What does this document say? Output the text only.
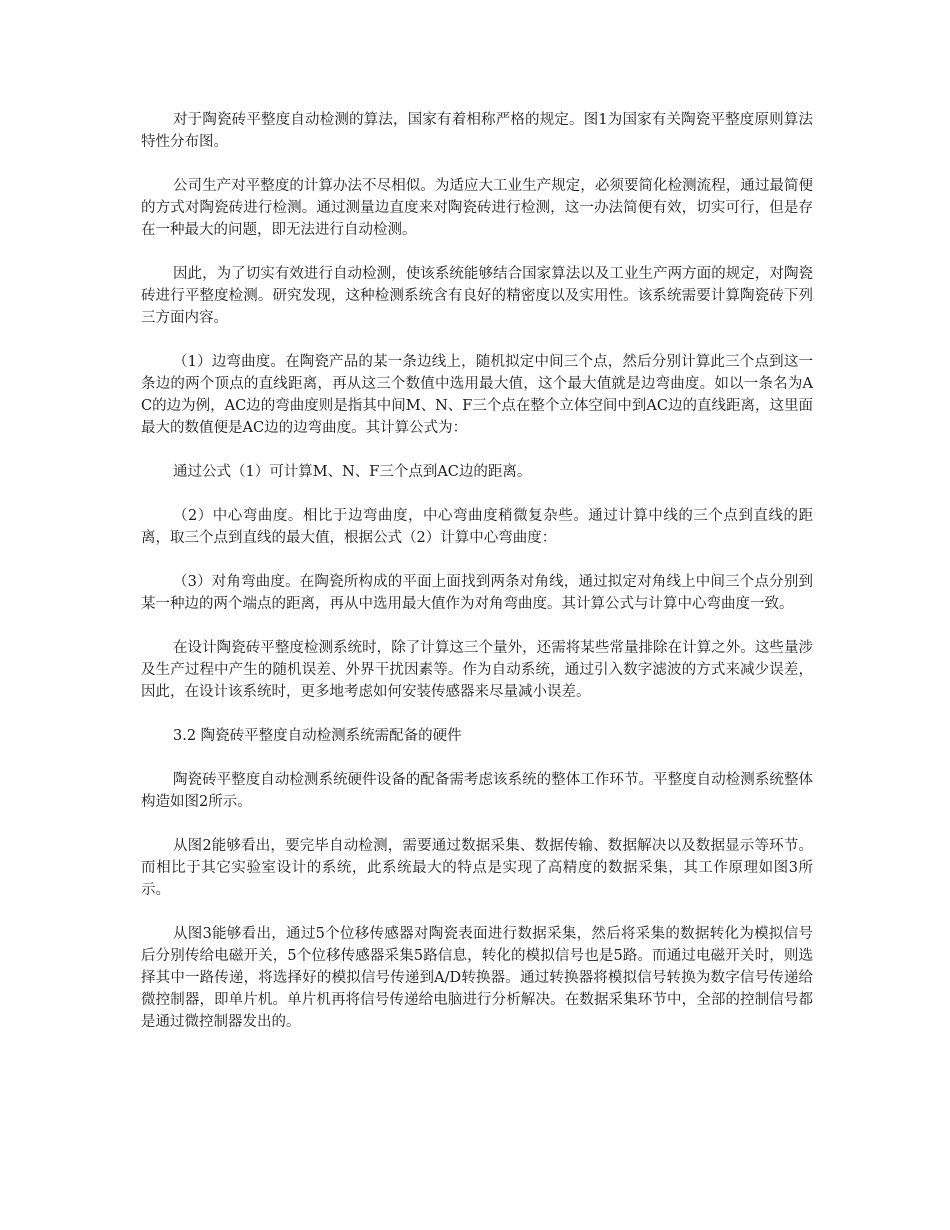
对于陶瓷砖平整度自动检测的算法，国家有着相称严格的规定。图1为国家有关陶瓷平整度原则算法特性分布图。

公司生产对平整度的计算办法不尽相似。为适应大工业生产规定，必须要简化检测流程，通过最简便的方式对陶瓷砖进行检测。通过测量边直度来对陶瓷砖进行检测，这一办法简便有效，切实可行，但是存在一种最大的问题，即无法进行自动检测。

因此，为了切实有效进行自动检测，使该系统能够结合国家算法以及工业生产两方面的规定，对陶瓷砖进行平整度检测。研究发现，这种检测系统含有良好的精密度以及实用性。该系统需要计算陶瓷砖下列三方面内容。

（1）边弯曲度。在陶瓷产品的某一条边线上，随机拟定中间三个点，然后分别计算此三个点到这一条边的两个顶点的直线距离，再从这三个数值中选用最大值，这个最大值就是边弯曲度。如以一条名为AC的边为例，AC边的弯曲度则是指其中间M、N、F三个点在整个立体空间中到AC边的直线距离，这里面最大的数值便是AC边的边弯曲度。其计算公式为：

通过公式（1）可计算M、N、F三个点到AC边的距离。

（2）中心弯曲度。相比于边弯曲度，中心弯曲度稍微复杂些。通过计算中线的三个点到直线的距离，取三个点到直线的最大值，根据公式（2）计算中心弯曲度：

（3）对角弯曲度。在陶瓷所构成的平面上面找到两条对角线，通过拟定对角线上中间三个点分别到某一种边的两个端点的距离，再从中选用最大值作为对角弯曲度。其计算公式与计算中心弯曲度一致。

在设计陶瓷砖平整度检测系统时，除了计算这三个量外，还需将某些常量排除在计算之外。这些量涉及生产过程中产生的随机误差、外界干扰因素等。作为自动系统，通过引入数字滤波的方式来减少误差，因此，在设计该系统时，更多地考虑如何安装传感器来尽量减小误差。

3.2 陶瓷砖平整度自动检测系统需配备的硬件

陶瓷砖平整度自动检测系统硬件设备的配备需考虑该系统的整体工作环节。平整度自动检测系统整体构造如图2所示。

从图2能够看出，要完毕自动检测，需要通过数据采集、数据传输、数据解决以及数据显示等环节。而相比于其它实验室设计的系统，此系统最大的特点是实现了高精度的数据采集，其工作原理如图3所示。

从图3能够看出，通过5个位移传感器对陶瓷表面进行数据采集，然后将采集的数据转化为模拟信号后分别传给电磁开关，5个位移传感器采集5路信息，转化的模拟信号也是5路。而通过电磁开关时，则选择其中一路传递，将选择好的模拟信号传递到A/D转换器。通过转换器将模拟信号转换为数字信号传递给微控制器，即单片机。单片机再将信号传递给电脑进行分析解决。在数据采集环节中，全部的控制信号都是通过微控制器发出的。
